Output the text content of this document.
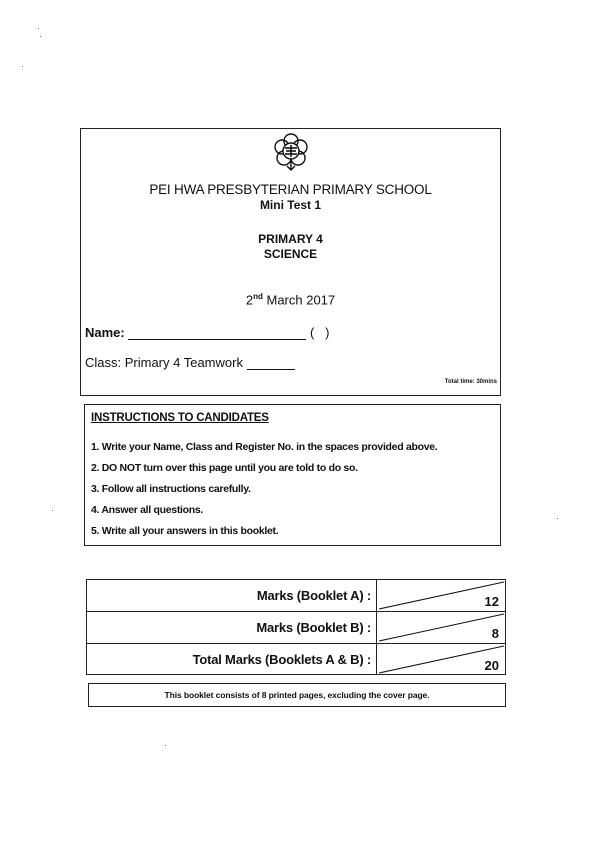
PEI HWA PRESBYTERIAN PRIMARY SCHOOL
Mini Test 1
PRIMARY 4
SCIENCE
2nd March 2017
Name:	(   )
Class: Primary 4 Teamwork
Total time: 30mins
INSTRUCTIONS TO CANDIDATES
1. Write your Name, Class and Register No. in the spaces provided above.
2. DO NOT turn over this page until you are told to do so.
3. Follow all instructions carefully.
4. Answer all questions.
5. Write all your answers in this booklet.
Marks (Booklet A) :	12
Marks (Booklet B) :	8
Total Marks (Booklets A & B) :	20
This booklet consists of 8 printed pages, excluding the cover page.
